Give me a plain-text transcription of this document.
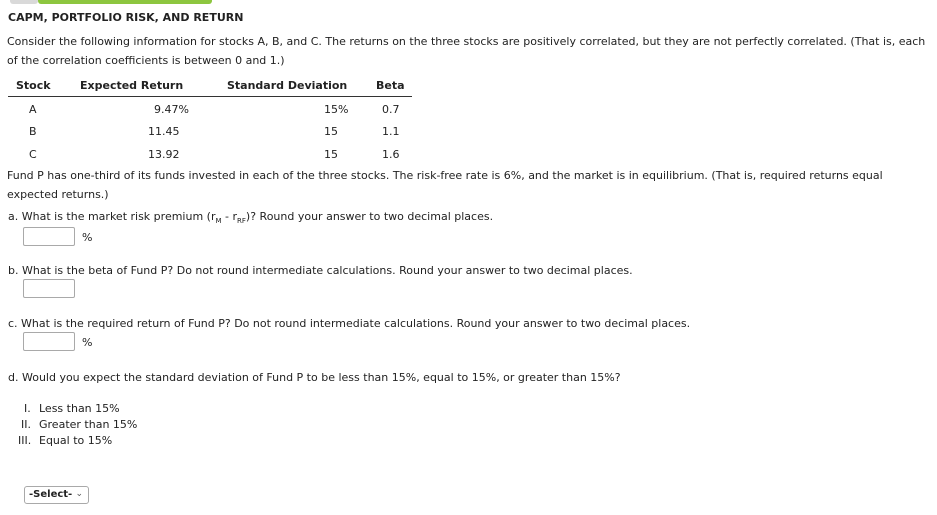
CAPM, PORTFOLIO RISK, AND RETURN
Consider the following information for stocks A, B, and C. The returns on the three stocks are positively correlated, but they are not perfectly correlated. (That is, each of the correlation coefficients is between 0 and 1.)
Stock	Expected Return	Standard Deviation	Beta
A	9.47%	15%	0.7
B	11.45	15	1.1
C	13.92	15	1.6
Fund P has one-third of its funds invested in each of the three stocks. The risk-free rate is 6%, and the market is in equilibrium. (That is, required returns equal expected returns.)
a. What is the market risk premium $(r_M - r_{RF})$? Round your answer to two decimal places.
%
b. What is the beta of Fund P? Do not round intermediate calculations. Round your answer to two decimal places.
c. What is the required return of Fund P? Do not round intermediate calculations. Round your answer to two decimal places.
%
d. Would you expect the standard deviation of Fund P to be less than 15%, equal to 15%, or greater than 15%?
I. Less than 15%
II. Greater than 15%
III. Equal to 15%
-Select- ⌄
